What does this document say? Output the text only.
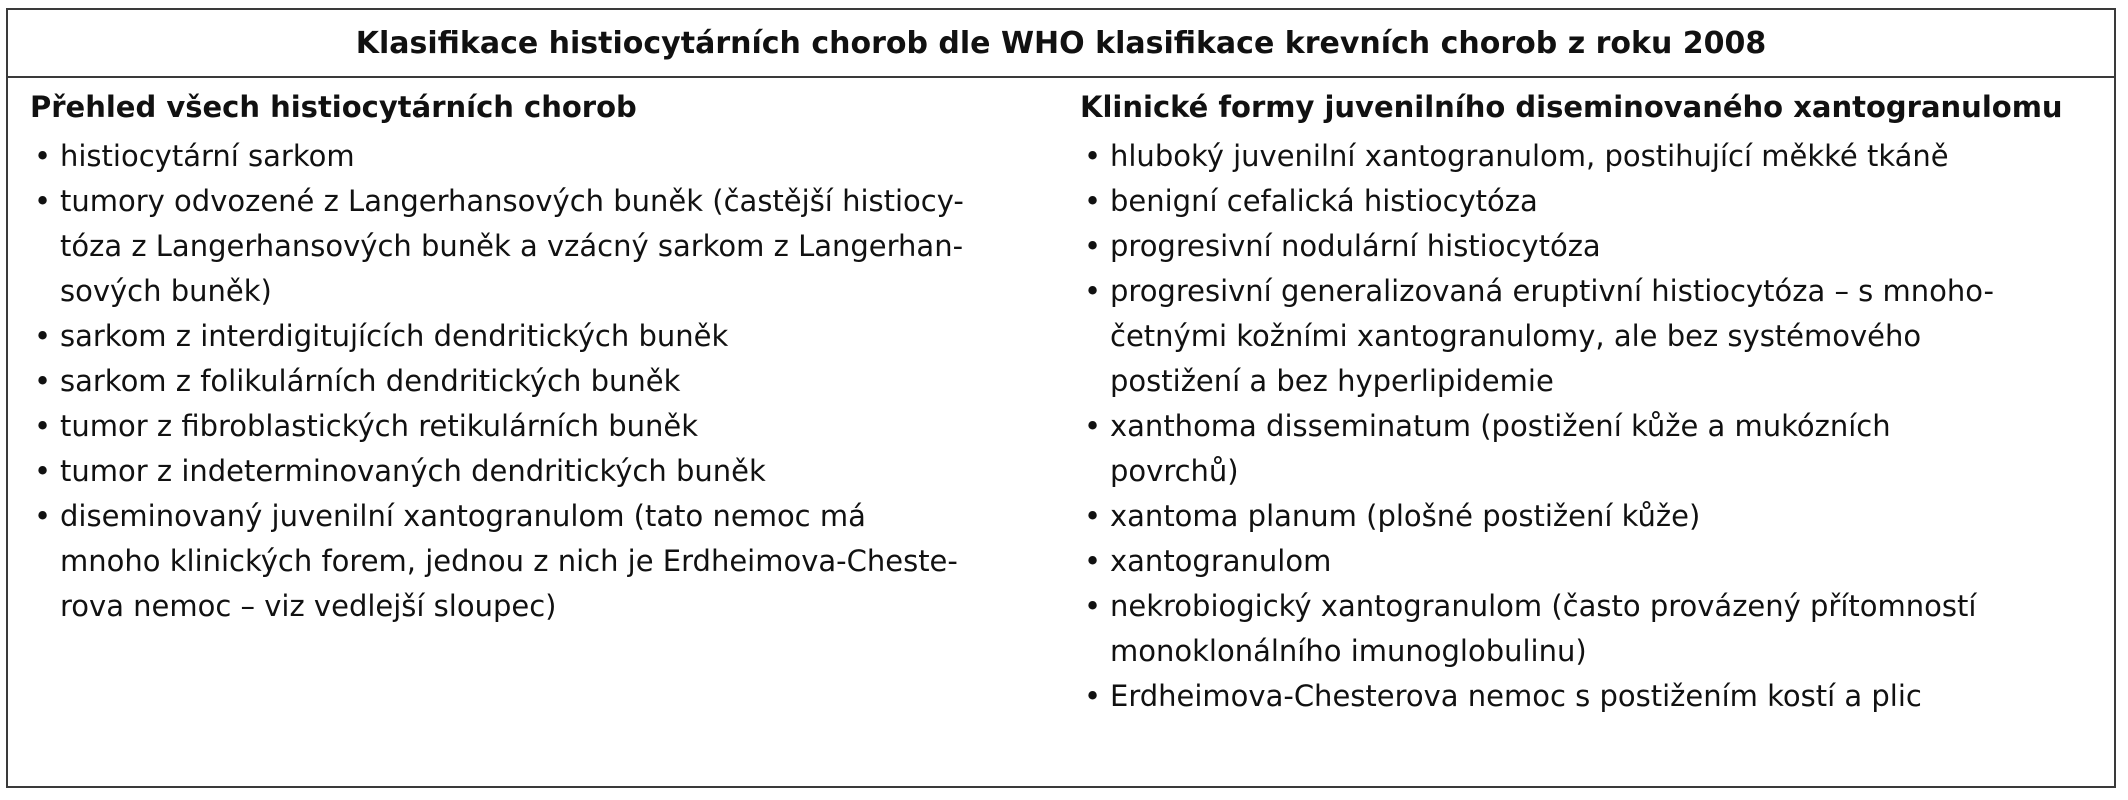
Klasifikace histiocytárních chorob dle WHO klasifikace krevních chorob z roku 2008
Přehled všech histiocytárních chorob
• histiocytární sarkom
• tumory odvozené z Langerhansových buněk (častější histiocy-
tóza z Langerhansových buněk a vzácný sarkom z Langerhan-
sových buněk)
• sarkom z interdigitujících dendritických buněk
• sarkom z folikulárních dendritických buněk
• tumor z fibroblastických retikulárních buněk
• tumor z indeterminovaných dendritických buněk
• diseminovaný juvenilní xantogranulom (tato nemoc má
mnoho klinických forem, jednou z nich je Erdheimova-Cheste-
rova nemoc – viz vedlejší sloupec)
Klinické formy juvenilního diseminovaného xantogranulomu
• hluboký juvenilní xantogranulom, postihující měkké tkáně
• benigní cefalická histiocytóza
• progresivní nodulární histiocytóza
• progresivní generalizovaná eruptivní histiocytóza – s mnoho-
četnými kožními xantogranulomy, ale bez systémového
postižení a bez hyperlipidemie
• xanthoma disseminatum (postižení kůže a mukózních
povrchů)
• xantoma planum (plošné postižení kůže)
• xantogranulom
• nekrobiogický xantogranulom (často provázený přítomností
monoklonálního imunoglobulinu)
• Erdheimova-Chesterova nemoc s postižením kostí a plic
